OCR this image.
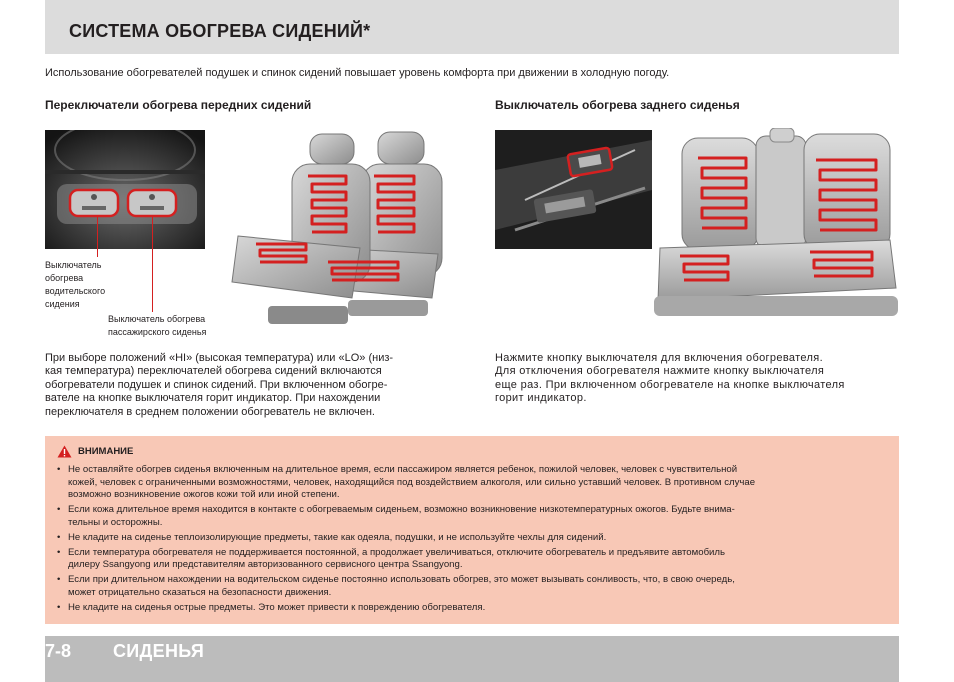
СИСТЕМА ОБОГРЕВА СИДЕНИЙ*
Использование обогревателей подушек и спинок сидений повышает уровень комфорта при движении в холодную погоду.
Переключатели обогрева передних сидений	Выключатель обогрева заднего сиденья
Выключатель
обогрева
водительского
сидения
Выключатель обогрева
пассажирского сиденья
При выборе положений «HI» (высокая температура) или «LO» (низ-
кая температура) переключателей обогрева сидений включаются
обогреватели подушек и спинок сидений. При включенном обогре-
вателе на кнопке выключателя горит индикатор. При нахождении
переключателя в среднем положении обогреватель не включен.
Нажмите кнопку выключателя для включения обогревателя.
Для отключения обогревателя нажмите кнопку выключателя
еще раз. При включенном обогревателе на кнопке выключателя
горит индикатор.
ВНИМАНИЕ
• Не оставляйте обогрев сиденья включенным на длительное время, если пассажиром является ребенок, пожилой человек, человек с чувствительной
кожей, человек с ограниченными возможностями, человек, находящийся под воздействием алкоголя, или сильно уставший человек. В противном случае
возможно возникновение ожогов кожи той или иной степени.
• Если кожа длительное время находится в контакте с обогреваемым сиденьем, возможно возникновение низкотемпературных ожогов. Будьте внима-
тельны и осторожны.
• Не кладите на сиденье теплоизолирующие предметы, такие как одеяла, подушки, и не используйте чехлы для сидений.
• Если температура обогревателя не поддерживается постоянной, а продолжает увеличиваться, отключите обогреватель и предъявите автомобиль
дилеру Ssangyong или представителям авторизованного сервисного центра Ssangyong.
• Если при длительном нахождении на водительском сиденье постоянно использовать обогрев, это может вызывать сонливость, что, в свою очередь,
может отрицательно сказаться на безопасности движения.
• Не кладите на сиденья острые предметы. Это может привести к повреждению обогревателя.
7-8 СИДЕНЬЯ
